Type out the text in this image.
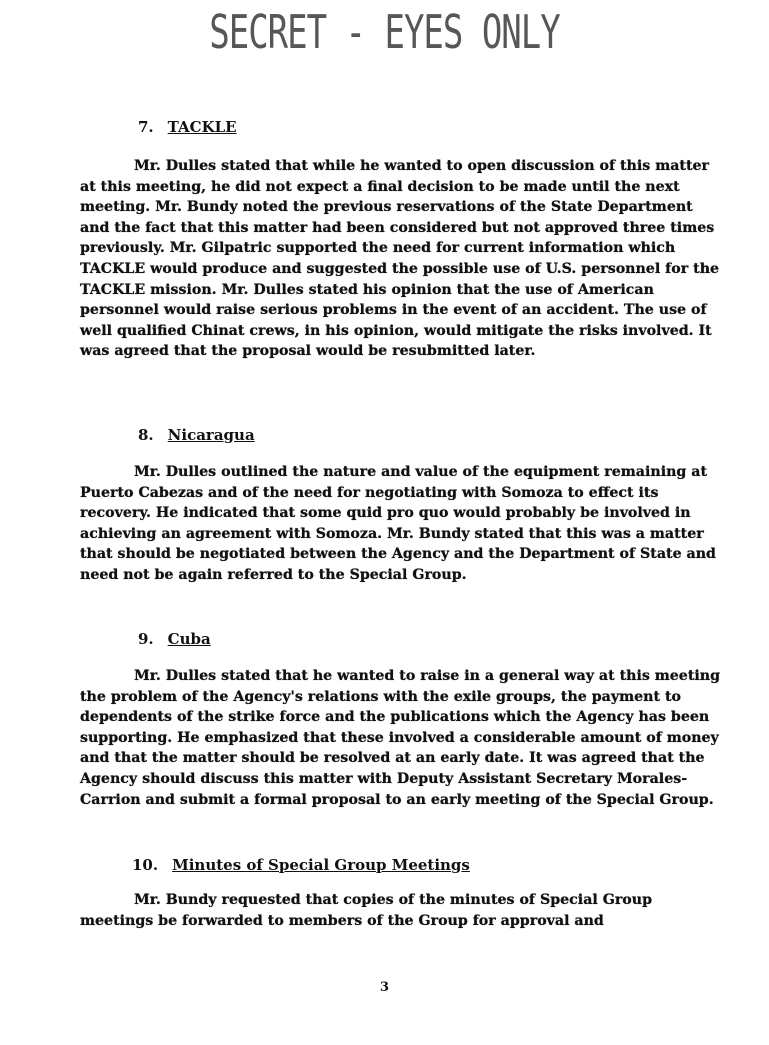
SECRET - EYES ONLY
7. TACKLE

Mr. Dulles stated that while he wanted to open discussion of this matter at this meeting, he did not expect a final decision to be made until the next meeting. Mr. Bundy noted the previous reservations of the State Department and the fact that this matter had been considered but not approved three times previously. Mr. Gilpatric supported the need for current information which TACKLE would produce and suggested the possible use of U.S. personnel for the TACKLE mission. Mr. Dulles stated his opinion that the use of American personnel would raise serious problems in the event of an accident. The use of well qualified Chinat crews, in his opinion, would mitigate the risks involved. It was agreed that the proposal would be resubmitted later.

8. Nicaragua

Mr. Dulles outlined the nature and value of the equipment remaining at Puerto Cabezas and of the need for negotiating with Somoza to effect its recovery. He indicated that some quid pro quo would probably be involved in achieving an agreement with Somoza. Mr. Bundy stated that this was a matter that should be negotiated between the Agency and the Department of State and need not be again referred to the Special Group.

9. Cuba

Mr. Dulles stated that he wanted to raise in a general way at this meeting the problem of the Agency's relations with the exile groups, the payment to dependents of the strike force and the publications which the Agency has been supporting. He emphasized that these involved a considerable amount of money and that the matter should be resolved at an early date. It was agreed that the Agency should discuss this matter with Deputy Assistant Secretary Morales-Carrion and submit a formal proposal to an early meeting of the Special Group.

10. Minutes of Special Group Meetings

Mr. Bundy requested that copies of the minutes of Special Group meetings be forwarded to members of the Group for approval and

3
